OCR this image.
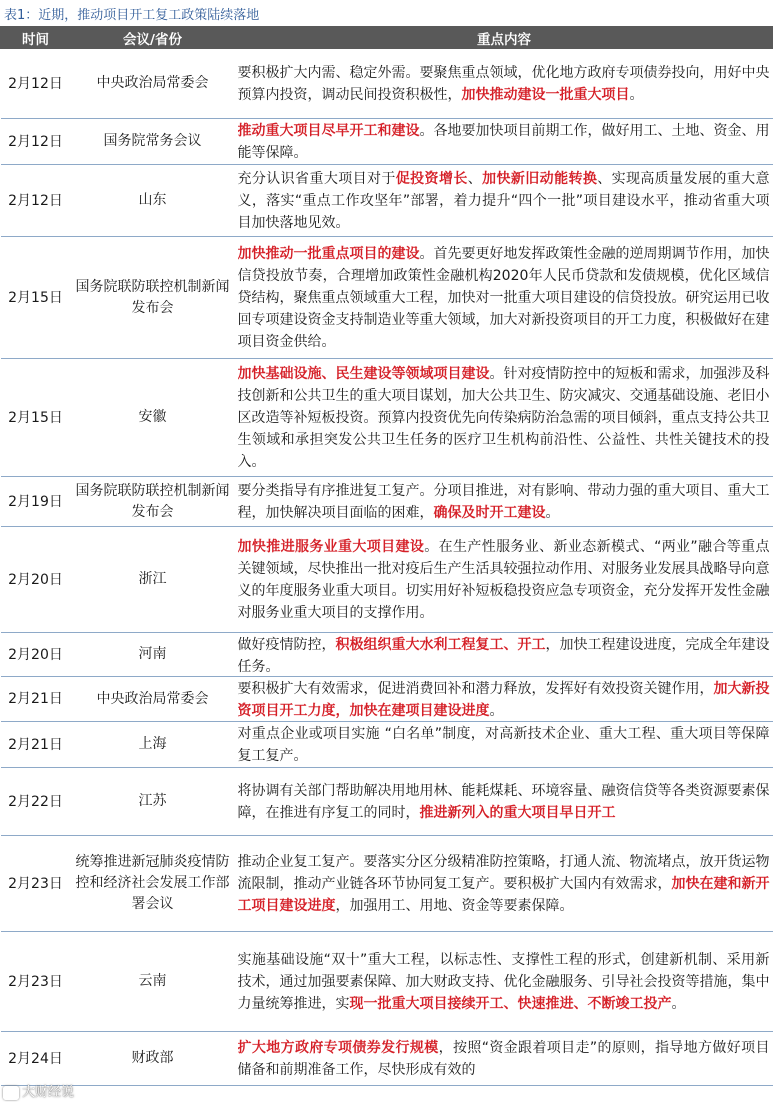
表1：近期，推动项目开工复工政策陆续落地
时间	会议/省份	重点内容
2月12日	中央政治局常委会	要积极扩大内需、稳定外需。要聚焦重点领域，优化地方政府专项债券投向，用好中央预算内投资，调动民间投资积极性，加快推动建设一批重大项目。

2月12日	国务院常务会议	推动重大项目尽早开工和建设。各地要加快项目前期工作，做好用工、土地、资金、用能等保障。

2月12日	山东	充分认识省重大项目对于促投资增长、加快新旧动能转换、实现高质量发展的重大意义，落实“重点工作攻坚年”部署，着力提升“四个一批”项目建设水平，推动省重大项目加快落地见效。

2月15日	国务院联防联控机制新闻发布会	加快推动一批重点项目的建设。首先要更好地发挥政策性金融的逆周期调节作用，加快信贷投放节奏，合理增加政策性金融机构2020年人民币贷款和发债规模，优化区域信贷结构，聚焦重点领域重大工程，加快对一批重大项目建设的信贷投放。研究运用已收回专项建设资金支持制造业等重大领域，加大对新投资项目的开工力度，积极做好在建项目资金供给。

2月15日	安徽	加快基础设施、民生建设等领域项目建设。针对疫情防控中的短板和需求，加强涉及科技创新和公共卫生的重大项目谋划，加大公共卫生、防灾减灾、交通基础设施、老旧小区改造等补短板投资。预算内投资优先向传染病防治急需的项目倾斜，重点支持公共卫生领域和承担突发公共卫生任务的医疗卫生机构前沿性、公益性、共性关键技术的投入。

2月19日	国务院联防联控机制新闻发布会	要分类指导有序推进复工复产。分项目推进，对有影响、带动力强的重大项目、重大工程，加快解决项目面临的困难，确保及时开工建设。

2月20日	浙江	加快推进服务业重大项目建设。在生产性服务业、新业态新模式、“两业”融合等重点关键领域，尽快推出一批对疫后生产生活具较强拉动作用、对服务业发展具战略导向意义的年度服务业重大项目。切实用好补短板稳投资应急专项资金，充分发挥开发性金融对服务业重大项目的支撑作用。

2月20日	河南	做好疫情防控，积极组织重大水利工程复工、开工，加快工程建设进度，完成全年建设任务。

2月21日	中央政治局常委会	要积极扩大有效需求，促进消费回补和潜力释放，发挥好有效投资关键作用，加大新投资项目开工力度，加快在建项目建设进度。

2月21日	上海	对重点企业或项目实施 “白名单”制度，对高新技术企业、重大工程、重大项目等保障复工复产。

2月22日	江苏	将协调有关部门帮助解决用地用林、能耗煤耗、环境容量、融资信贷等各类资源要素保障，在推进有序复工的同时，推进新列入的重大项目早日开工

2月23日	统筹推进新冠肺炎疫情防控和经济社会发展工作部署会议	推动企业复工复产。要落实分区分级精准防控策略，打通人流、物流堵点，放开货运物流限制，推动产业链各环节协同复工复产。要积极扩大国内有效需求，加快在建和新开工项目建设进度，加强用工、用地、资金等要素保障。

2月23日	云南	实施基础设施“双十”重大工程，以标志性、支撑性工程的形式，创建新机制、采用新技术，通过加强要素保障、加大财政支持、优化金融服务、引导社会投资等措施，集中力量统筹推进，实现一批重大项目接续开工、快速推进、不断竣工投产。

2月24日	财政部	扩大地方政府专项债券发行规模，按照“资金跟着项目走”的原则，指导地方做好项目储备和前期准备工作，尽快形成有效的
大财经说
